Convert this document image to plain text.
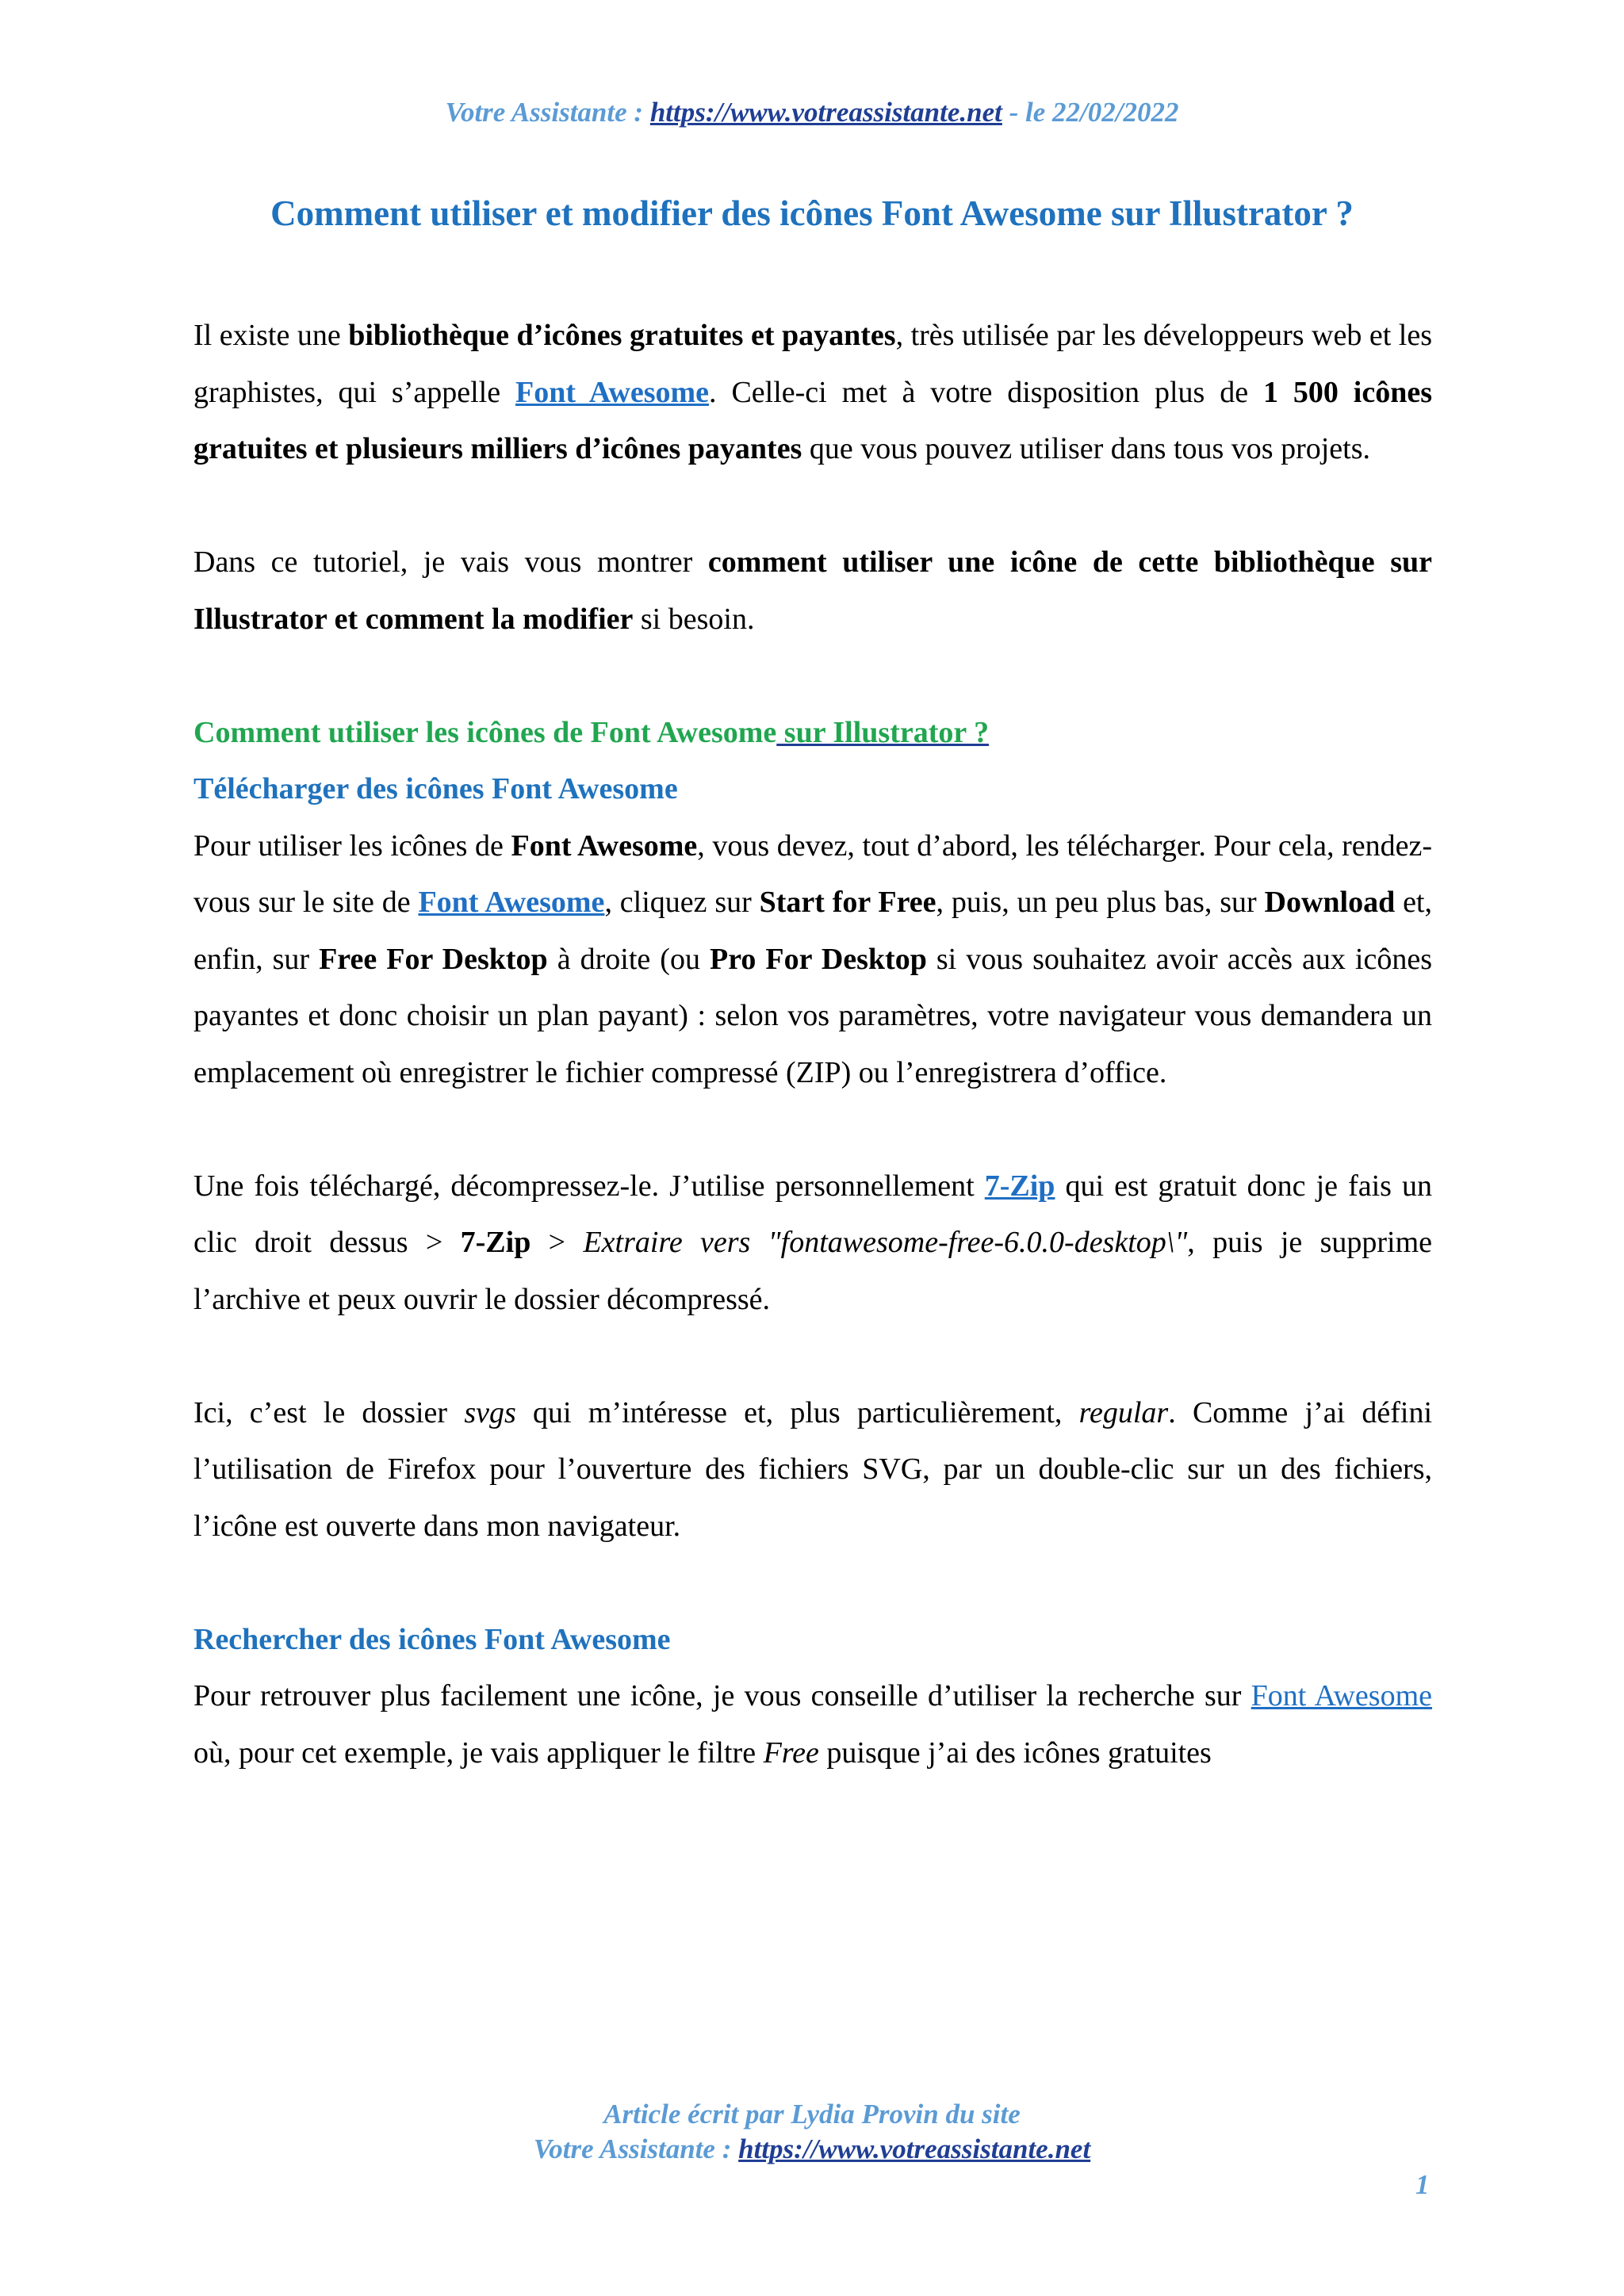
Votre Assistante : https://www.votreassistante.net - le 22/02/2022
Comment utiliser et modifier des icônes Font Awesome sur Illustrator ?

Il existe une bibliothèque d’icônes gratuites et payantes, très utilisée par les développeurs web et les graphistes, qui s’appelle Font Awesome. Celle-ci met à votre disposition plus de 1 500 icônes gratuites et plusieurs milliers d’icônes payantes que vous pouvez utiliser dans tous vos projets.

Dans ce tutoriel, je vais vous montrer comment utiliser une icône de cette bibliothèque sur Illustrator et comment la modifier si besoin.

Comment utiliser les icônes de Font Awesome sur Illustrator ?

Télécharger des icônes Font Awesome

Pour utiliser les icônes de Font Awesome, vous devez, tout d’abord, les télécharger. Pour cela, rendez-vous sur le site de Font Awesome, cliquez sur Start for Free, puis, un peu plus bas, sur Download et, enfin, sur Free For Desktop à droite (ou Pro For Desktop si vous souhaitez avoir accès aux icônes payantes et donc choisir un plan payant) : selon vos paramètres, votre navigateur vous demandera un emplacement où enregistrer le fichier compressé (ZIP) ou l’enregistrera d’office.

Une fois téléchargé, décompressez-le. J’utilise personnellement 7-Zip qui est gratuit donc je fais un clic droit dessus > 7-Zip > Extraire vers "fontawesome-free-6.0.0-desktop\", puis je supprime l’archive et peux ouvrir le dossier décompressé.

Ici, c’est le dossier svgs qui m’intéresse et, plus particulièrement, regular. Comme j’ai défini l’utilisation de Firefox pour l’ouverture des fichiers SVG, par un double-clic sur un des fichiers, l’icône est ouverte dans mon navigateur.

Rechercher des icônes Font Awesome

Pour retrouver plus facilement une icône, je vous conseille d’utiliser la recherche sur Font Awesome où, pour cet exemple, je vais appliquer le filtre Free puisque j’ai des icônes gratuites

Article écrit par Lydia Provin du site
Votre Assistante : https://www.votreassistante.net
1
